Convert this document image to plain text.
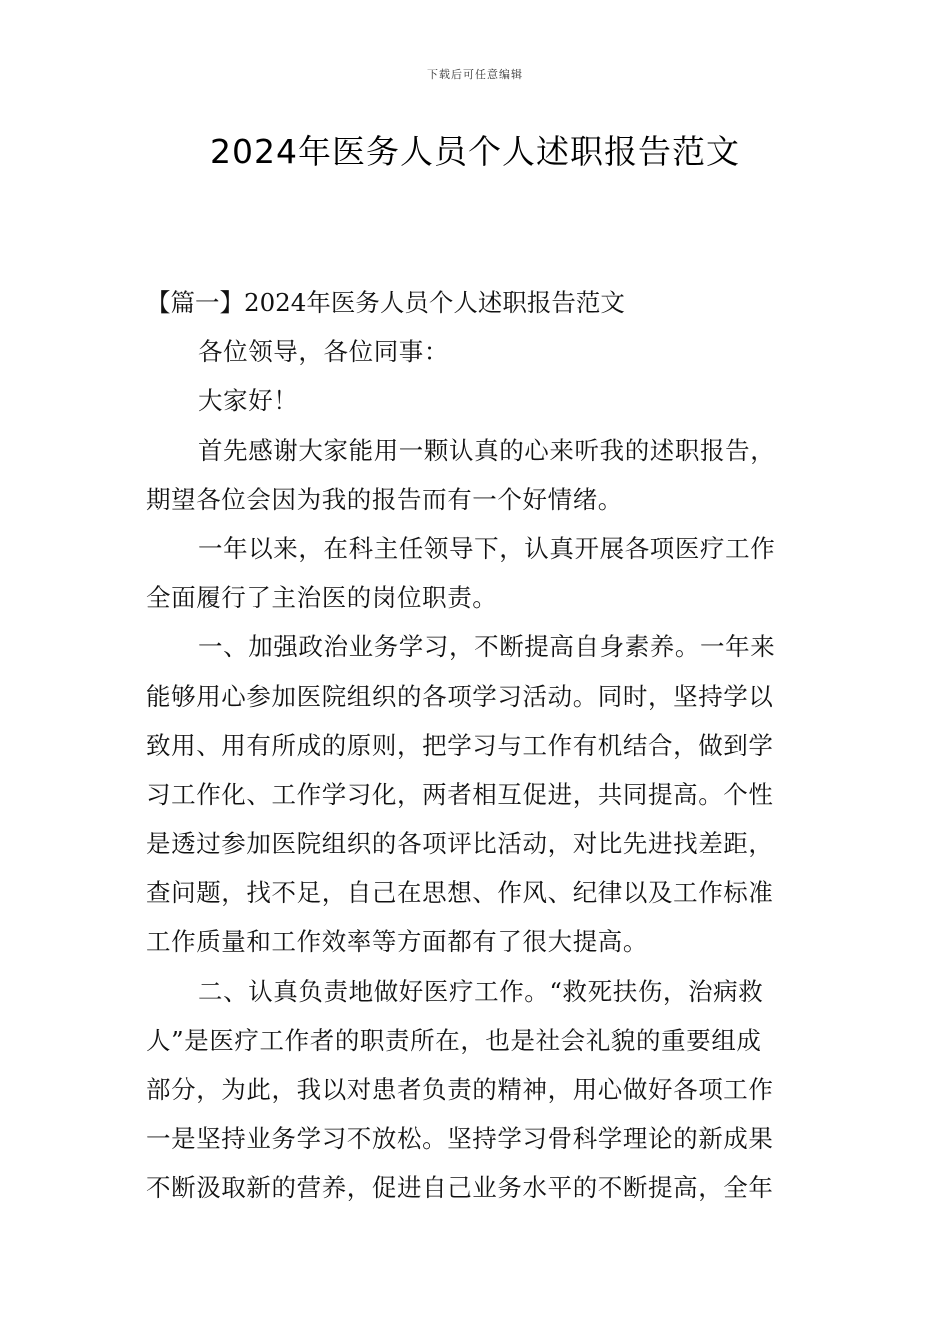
下载后可任意编辑
2024年医务人员个人述职报告范文
【篇一】2024年医务人员个人述职报告范文
各位领导，各位同事：
大家好！
首先感谢大家能用一颗认真的心来听我的述职报告，
期望各位会因为我的报告而有一个好情绪。
一年以来，在科主任领导下，认真开展各项医疗工作
全面履行了主治医的岗位职责。
一、加强政治业务学习，不断提高自身素养。一年来
能够用心参加医院组织的各项学习活动。同时，坚持学以
致用、用有所成的原则，把学习与工作有机结合，做到学
习工作化、工作学习化，两者相互促进，共同提高。个性
是透过参加医院组织的各项评比活动，对比先进找差距，
查问题，找不足，自己在思想、作风、纪律以及工作标准
工作质量和工作效率等方面都有了很大提高。
二、认真负责地做好医疗工作。“救死扶伤，治病救
人”是医疗工作者的职责所在，也是社会礼貌的重要组成
部分，为此，我以对患者负责的精神，用心做好各项工作
一是坚持业务学习不放松。坚持学习骨科学理论的新成果
不断汲取新的营养，促进自己业务水平的不断提高，全年
